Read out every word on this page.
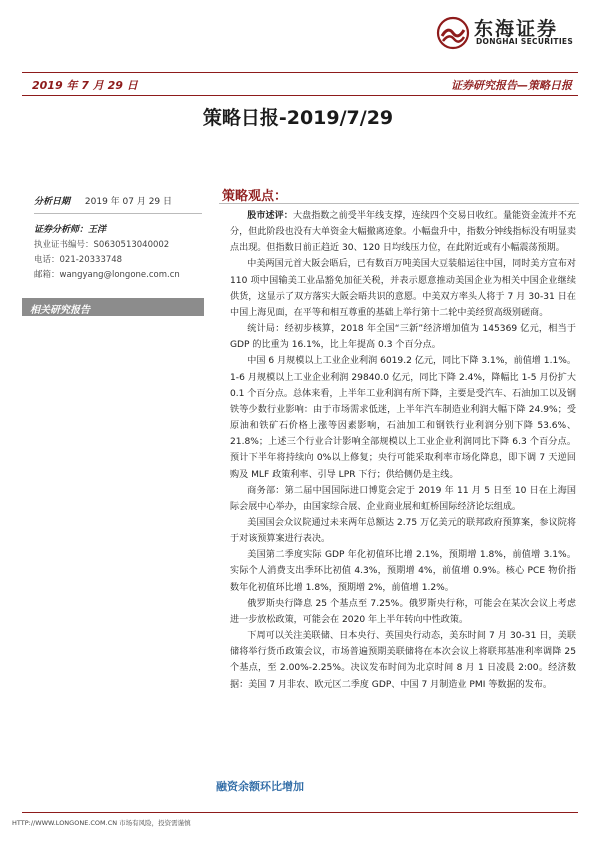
东海证券
DONGHAI SECURITIES
2019 年 7 月 29 日	证券研究报告—策略日报
策略日报-2019/7/29
分析日期 2019 年 07 月 29 日
证券分析师：王洋
执业证书编号：S0630513040002
电话：021-20333748
邮箱：wangyang@longone.com.cn
相关研究报告
策略观点：

股市述评：大盘指数之前受半年线支撑，连续四个交易日收红。量能资金流并不充分，但此阶段也没有大单资金大幅撤离迹象。小幅盘升中，指数分钟线指标没有明显卖点出现。但指数日前正趋近 30、120 日均线压力位，在此附近或有小幅震荡预期。

中美两国元首大阪会晤后，已有数百万吨美国大豆装船运往中国，同时美方宣布对 110 项中国输美工业品豁免加征关税，并表示愿意推动美国企业为相关中国企业继续供货，这显示了双方落实大阪会晤共识的意愿。中美双方率头人将于 7 月 30-31 日在中国上海见面，在平等和相互尊重的基础上举行第十二轮中美经贸高级别磋商。

统计局：经初步核算，2018 年全国“三新”经济增加值为 145369 亿元，相当于 GDP 的比重为 16.1%，比上年提高 0.3 个百分点。

中国 6 月规模以上工业企业利润 6019.2 亿元，同比下降 3.1%，前值增 1.1%。1-6 月规模以上工业企业利润 29840.0 亿元，同比下降 2.4%，降幅比 1-5 月份扩大 0.1 个百分点。总体来看，上半年工业利润有所下降，主要是受汽车、石油加工以及钢铁等少数行业影响：由于市场需求低迷，上半年汽车制造业利润大幅下降 24.9%；受原油和铁矿石价格上涨等因素影响，石油加工和钢铁行业利润分别下降 53.6%、21.8%；上述三个行业合计影响全部规模以上工业企业利润同比下降 6.3 个百分点。预计下半年将持续向 0%以上修复；央行可能采取利率市场化降息，即下调 7 天逆回购及 MLF 政策利率、引导 LPR 下行；供给侧仍是主线。

商务部：第二届中国国际进口博览会定于 2019 年 11 月 5 日至 10 日在上海国际会展中心举办，由国家综合展、企业商业展和虹桥国际经济论坛组成。

美国国会众议院通过未来两年总额达 2.75 万亿美元的联邦政府预算案，参议院将于对该预算案进行表决。

美国第二季度实际 GDP 年化初值环比增 2.1%，预期增 1.8%，前值增 3.1%。实际个人消费支出季环比初值 4.3%，预期增 4%，前值增 0.9%。核心 PCE 物价指数年化初值环比增 1.8%，预期增 2%，前值增 1.2%。

俄罗斯央行降息 25 个基点至 7.25%。俄罗斯央行称，可能会在某次会议上考虑进一步放松政策，可能会在 2020 年上半年转向中性政策。

下周可以关注美联储、日本央行、英国央行动态，美东时间 7 月 30-31 日，美联储将举行货币政策会议，市场普遍预期美联储将在本次会议上将联邦基准利率调降 25 个基点，至 2.00%-2.25%。决议发布时间为北京时间 8 月 1 日凌晨 2:00。经济数据：美国 7 月非农、欧元区二季度 GDP、中国 7 月制造业 PMI 等数据的发布。

融资余额环比增加
HTTP://WWW.LONGONE.COM.CN 市场有风险，投资需谨慎
